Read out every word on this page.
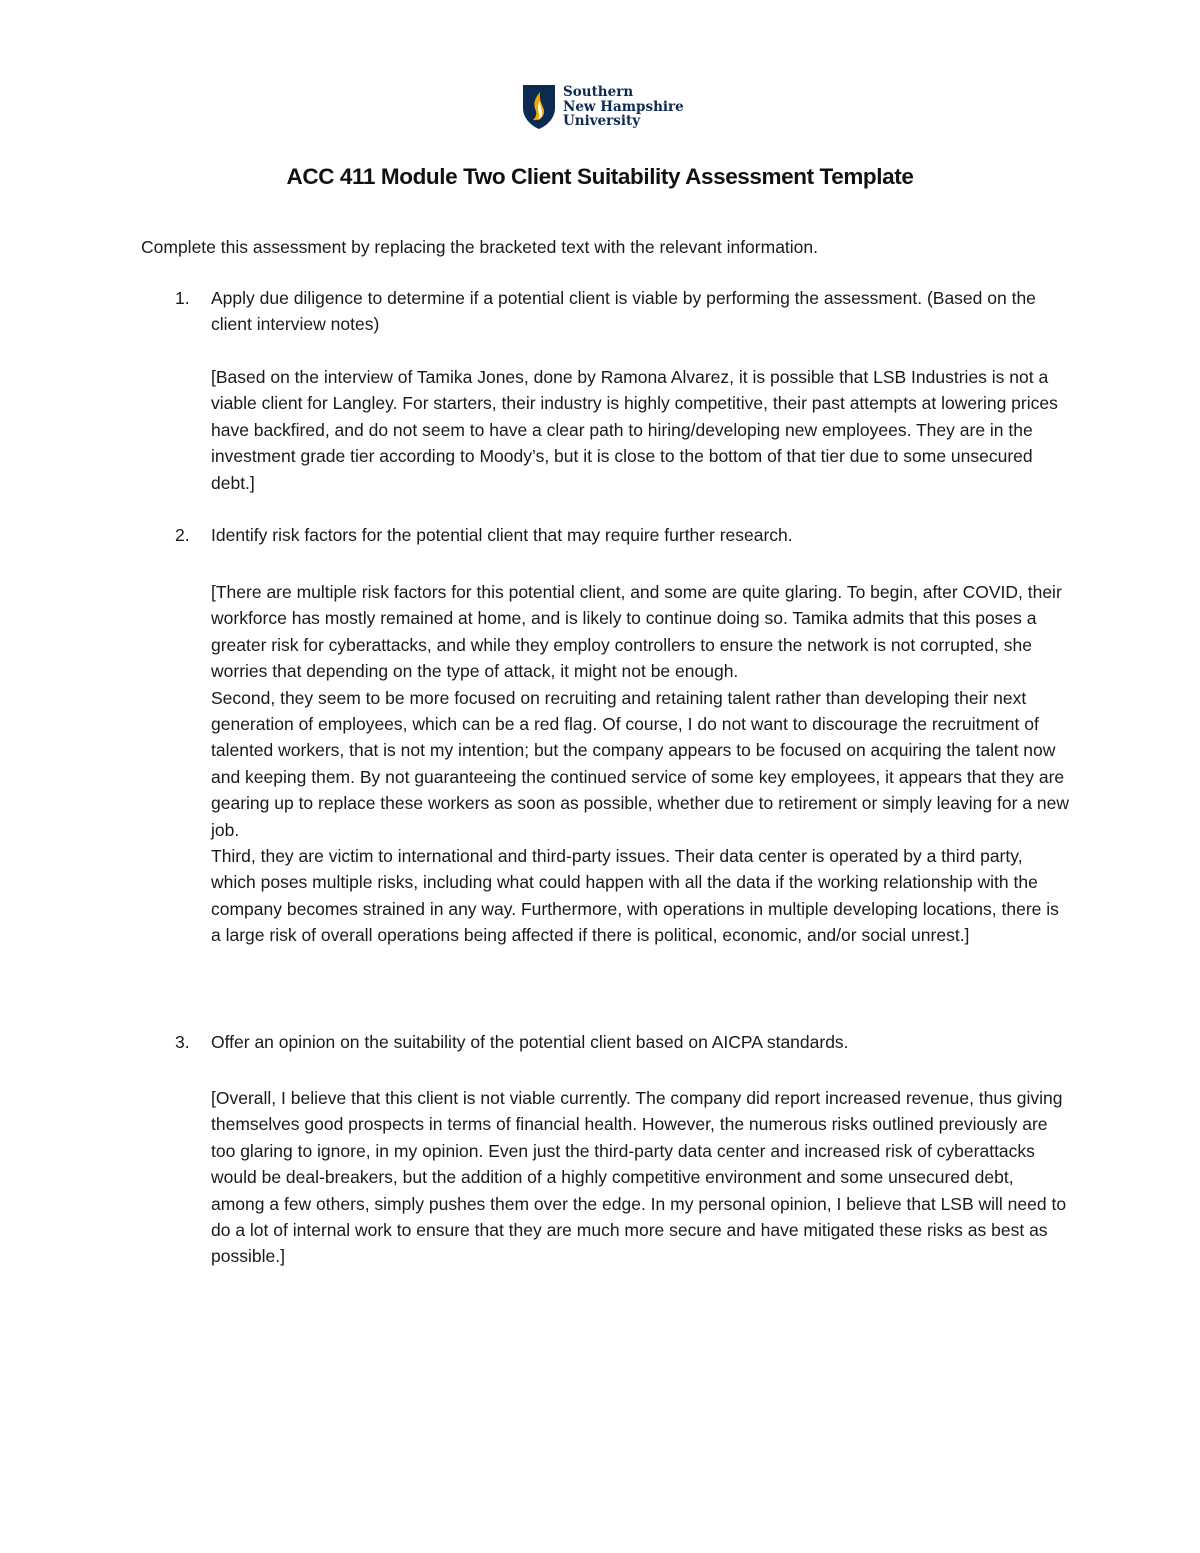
Southern
New Hampshire
University
ACC 411 Module Two Client Suitability Assessment Template
Complete this assessment by replacing the bracketed text with the relevant information.
1. Apply due diligence to determine if a potential client is viable by performing the assessment. (Based on the client interview notes)

[Based on the interview of Tamika Jones, done by Ramona Alvarez, it is possible that LSB Industries is not a viable client for Langley. For starters, their industry is highly competitive, their past attempts at lowering prices have backfired, and do not seem to have a clear path to hiring/developing new employees. They are in the investment grade tier according to Moody’s, but it is close to the bottom of that tier due to some unsecured debt.]

2. Identify risk factors for the potential client that may require further research.

[There are multiple risk factors for this potential client, and some are quite glaring. To begin, after COVID, their workforce has mostly remained at home, and is likely to continue doing so. Tamika admits that this poses a greater risk for cyberattacks, and while they employ controllers to ensure the network is not corrupted, she worries that depending on the type of attack, it might not be enough.

Second, they seem to be more focused on recruiting and retaining talent rather than developing their next generation of employees, which can be a red flag. Of course, I do not want to discourage the recruitment of talented workers, that is not my intention; but the company appears to be focused on acquiring the talent now and keeping them. By not guaranteeing the continued service of some key employees, it appears that they are gearing up to replace these workers as soon as possible, whether due to retirement or simply leaving for a new job.

Third, they are victim to international and third-party issues. Their data center is operated by a third party, which poses multiple risks, including what could happen with all the data if the working relationship with the company becomes strained in any way. Furthermore, with operations in multiple developing locations, there is a large risk of overall operations being affected if there is political, economic, and/or social unrest.]

3. Offer an opinion on the suitability of the potential client based on AICPA standards.

[Overall, I believe that this client is not viable currently. The company did report increased revenue, thus giving themselves good prospects in terms of financial health. However, the numerous risks outlined previously are too glaring to ignore, in my opinion. Even just the third-party data center and increased risk of cyberattacks would be deal-breakers, but the addition of a highly competitive environment and some unsecured debt, among a few others, simply pushes them over the edge. In my personal opinion, I believe that LSB will need to do a lot of internal work to ensure that they are much more secure and have mitigated these risks as best as possible.]
